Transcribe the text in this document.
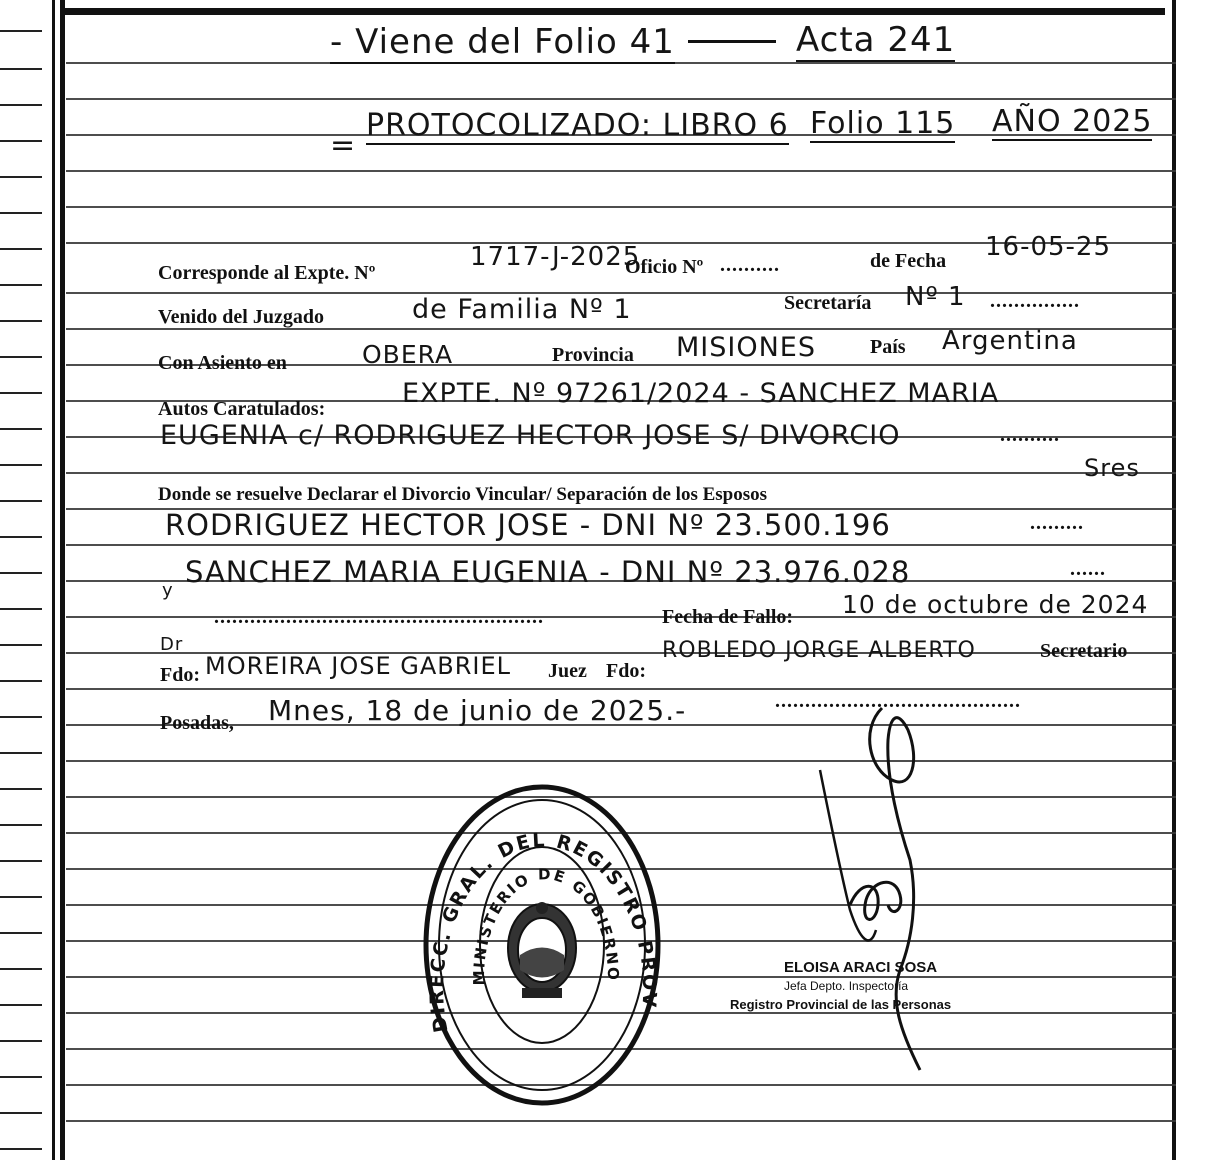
- Viene del Folio 41	Acta 241
=
PROTOCOLIZADO: LIBRO 6 Folio 115 AÑO 2025
Corresponde al Expte. Nº
1717-J-2025
Oficio Nº ..........	de Fecha 16-05-25
Venido del Juzgado	de Familia Nº 1	Secretaría Nº 1 ...............
Con Asiento en	OBERA	Provincia MISIONES	País Argentina
Autos Caratulados:	EXPTE. Nº 97261/2024 - SANCHEZ MARIA
EUGENIA c/ RODRIGUEZ HECTOR JOSE S/ DIVORCIO	..........
Donde se resuelve Declarar el Divorcio Vincular/ Separación de los Esposos
Sres
RODRIGUEZ HECTOR JOSE - DNI Nº 23.500.196	.........
y
SANCHEZ MARIA EUGENIA - DNI Nº 23.976.028	......
.......................................................	Fecha de Fallo: 10 de octubre de 2024
Dr
Fdo: MOREIRA JOSE GABRIEL Juez Fdo:
ROBLEDO JORGE ALBERTO	Secretario
Posadas, Mnes, 18 de junio de 2025.-	.........................................
DIRECC. GRAL. DEL REGISTRO PROV
MINISTERIO DE GOBIERNO	ELOISA ARACI SOSA
Jefa Depto. Inspectoría
Registro Provincial de las Personas
